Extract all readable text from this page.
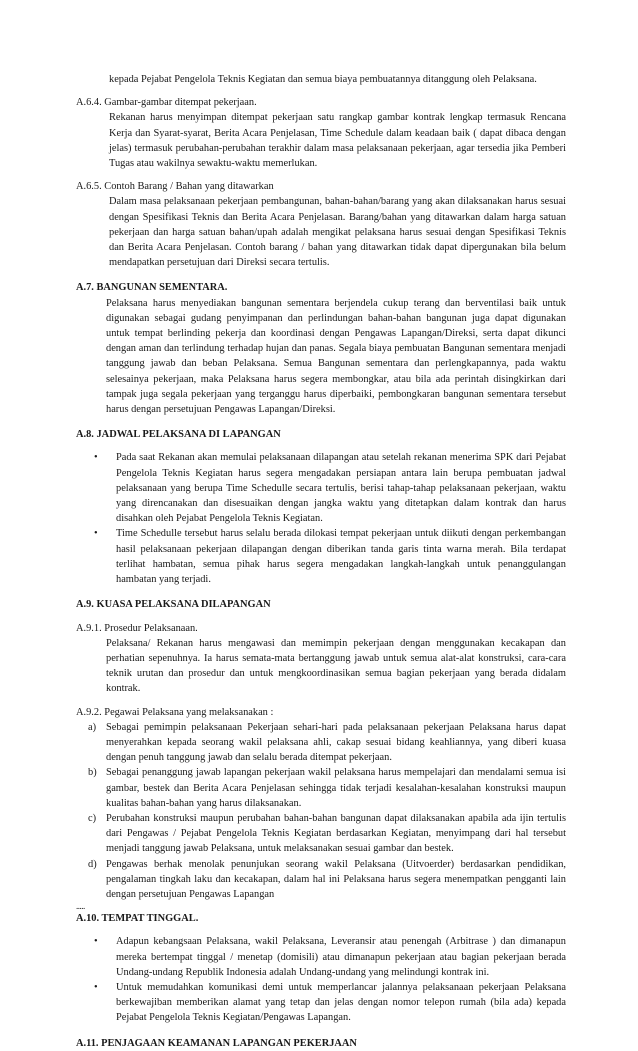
kepada Pejabat Pengelola Teknis Kegiatan dan semua biaya pembuatannya ditanggung oleh Pelaksana.

A.6.4. Gambar-gambar ditempat pekerjaan.

Rekanan harus menyimpan ditempat pekerjaan satu rangkap gambar kontrak lengkap termasuk Rencana Kerja dan Syarat-syarat, Berita Acara Penjelasan, Time Schedule dalam keadaan baik ( dapat dibaca dengan jelas) termasuk perubahan-perubahan terakhir dalam masa pelaksanaan pekerjaan, agar tersedia jika Pemberi Tugas atau wakilnya sewaktu-waktu memerlukan.

A.6.5. Contoh Barang / Bahan yang ditawarkan

Dalam masa pelaksanaan pekerjaan pembangunan, bahan-bahan/barang yang akan dilaksanakan harus sesuai dengan Spesifikasi Teknis dan Berita Acara Penjelasan. Barang/bahan yang ditawarkan dalam harga satuan pekerjaan dan harga satuan bahan/upah adalah mengikat pelaksana harus sesuai dengan Spesifikasi Teknis dan Berita Acara Penjelasan. Contoh barang / bahan yang ditawarkan tidak dapat dipergunakan bila belum mendapatkan persetujuan dari Direksi secara tertulis.

A.7. BANGUNAN SEMENTARA.

Pelaksana harus menyediakan bangunan sementara berjendela cukup terang dan berventilasi baik untuk digunakan sebagai gudang penyimpanan dan perlindungan bahan-bahan bangunan juga dapat digunakan untuk tempat berlinding pekerja dan koordinasi dengan Pengawas Lapangan/Direksi, serta dapat dikunci dengan aman dan terlindung terhadap hujan dan panas. Segala biaya pembuatan Bangunan sementara menjadi tanggung jawab dan beban Pelaksana. Semua Bangunan sementara dan perlengkapannya, pada waktu selesainya pekerjaan, maka Pelaksana harus segera membongkar, atau bila ada perintah disingkirkan dari tampak juga segala pekerjaan yang terganggu harus diperbaiki, pembongkaran bangunan sementara tersebut harus dengan persetujuan Pengawas Lapangan/Direksi.

A.8. JADWAL PELAKSANA DI LAPANGAN

• Pada saat Rekanan akan memulai pelaksanaan dilapangan atau setelah rekanan menerima SPK dari Pejabat Pengelola Teknis Kegiatan harus segera mengadakan persiapan antara lain berupa pembuatan jadwal pelaksanaan yang berupa Time Schedulle secara tertulis, berisi tahap-tahap pelaksanaan pekerjaan, waktu yang direncanakan dan disesuaikan dengan jangka waktu yang ditetapkan dalam kontrak dan harus disahkan oleh Pejabat Pengelola Teknis Kegiatan.
• Time Schedulle tersebut harus selalu berada dilokasi tempat pekerjaan untuk diikuti dengan perkembangan hasil pelaksanaan pekerjaan dilapangan dengan diberikan tanda garis tinta warna merah. Bila terdapat terlihat hambatan, semua pihak harus segera mengadakan langkah-langkah untuk penanggulangan hambatan yang terjadi.

A.9. KUASA PELAKSANA DILAPANGAN

A.9.1. Prosedur Pelaksanaan.

Pelaksana/ Rekanan harus mengawasi dan memimpin pekerjaan dengan menggunakan kecakapan dan perhatian sepenuhnya. Ia harus semata-mata bertanggung jawab untuk semua alat-alat konstruksi, cara-cara teknik urutan dan prosedur dan untuk mengkoordinasikan semua bagian pekerjaan yang berada didalam kontrak.

A.9.2. Pegawai Pelaksana yang melaksanakan :

a) Sebagai pemimpin pelaksanaan Pekerjaan sehari-hari pada pelaksanaan pekerjaan Pelaksana harus dapat menyerahkan kepada seorang wakil pelaksana ahli, cakap sesuai bidang keahliannya, yang diberi kuasa dengan penuh tanggung jawab dan selalu berada ditempat pekerjaan.
b) Sebagai penanggung jawab lapangan pekerjaan wakil pelaksana harus mempelajari dan mendalami semua isi gambar, bestek dan Berita Acara Penjelasan sehingga tidak terjadi kesalahan-kesalahan konstruksi maupun kualitas bahan-bahan yang harus dilaksanakan.
c) Perubahan konstruksi maupun perubahan bahan-bahan bangunan dapat dilaksanakan apabila ada ijin tertulis dari Pengawas / Pejabat Pengelola Teknis Kegiatan berdasarkan Kegiatan, menyimpang dari hal tersebut menjadi tanggung jawab Pelaksana, untuk melaksanakan sesuai gambar dan bestek.
d) Pengawas berhak menolak penunjukan seorang wakil Pelaksana (Uitvoerder) berdasarkan pendidikan, pengalaman tingkah laku dan kecakapan, dalam hal ini Pelaksana harus segera menempatkan pengganti lain dengan persetujuan Pengawas Lapangan
.....

A.10. TEMPAT TINGGAL.

• Adapun kebangsaan Pelaksana, wakil Pelaksana, Leveransir atau penengah (Arbitrase ) dan dimanapun mereka bertempat tinggal / menetap (domisili) atau dimanapun pekerjaan atau bagian pekerjaan berada Undang-undang Republik Indonesia adalah Undang-undang yang melindungi kontrak ini.
• Untuk memudahkan komunikasi demi untuk memperlancar jalannya pelaksanaan pekerjaan Pelaksana berkewajiban memberikan alamat yang tetap dan jelas dengan nomor telepon rumah (bila ada) kepada Pejabat Pengelola Teknis Kegiatan/Pengawas Lapangan.

A.11. PENJAGAAN KEAMANAN LAPANGAN PEKERJAAN
